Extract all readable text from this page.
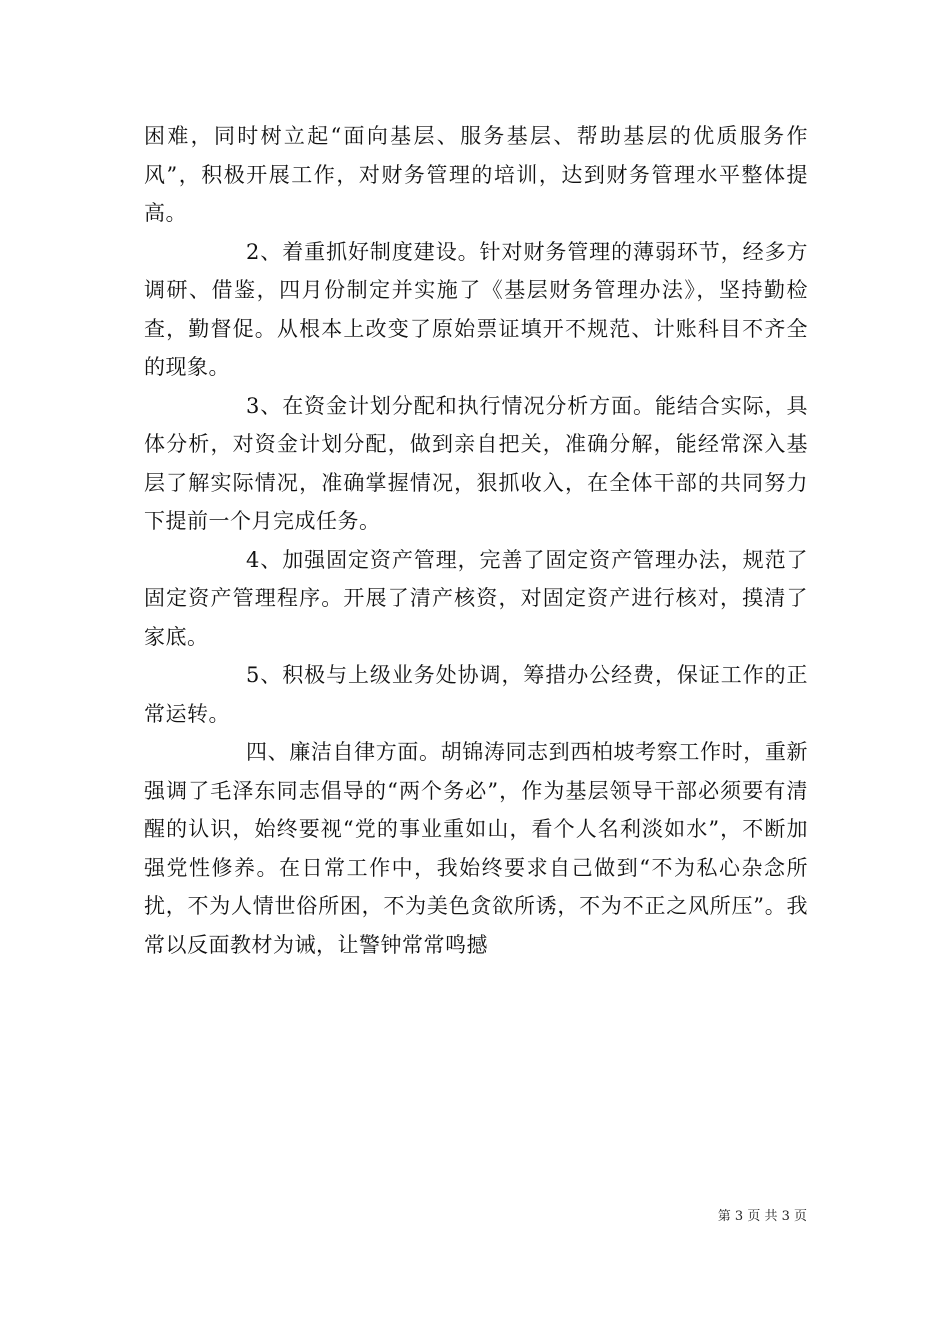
困难，同时树立起“面向基层、服务基层、帮助基层的优质服务作风”，积极开展工作，对财务管理的培训，达到财务管理水平整体提高。

2、着重抓好制度建设。针对财务管理的薄弱环节，经多方调研、借鉴，四月份制定并实施了《基层财务管理办法》，坚持勤检查，勤督促。从根本上改变了原始票证填开不规范、计账科目不齐全的现象。

3、在资金计划分配和执行情况分析方面。能结合实际，具体分析，对资金计划分配，做到亲自把关，准确分解，能经常深入基层了解实际情况，准确掌握情况，狠抓收入，在全体干部的共同努力下提前一个月完成任务。

4、加强固定资产管理，完善了固定资产管理办法，规范了固定资产管理程序。开展了清产核资，对固定资产进行核对，摸清了家底。

5、积极与上级业务处协调，筹措办公经费，保证工作的正常运转。

四、廉洁自律方面。胡锦涛同志到西柏坡考察工作时，重新强调了毛泽东同志倡导的“两个务必”，作为基层领导干部必须要有清醒的认识，始终要视“党的事业重如山，看个人名利淡如水”，不断加强党性修养。在日常工作中，我始终要求自己做到“不为私心杂念所扰，不为人情世俗所困，不为美色贪欲所诱，不为不正之风所压”。我常以反面教材为诫，让警钟常常鸣撼

第 3 页 共 3 页
